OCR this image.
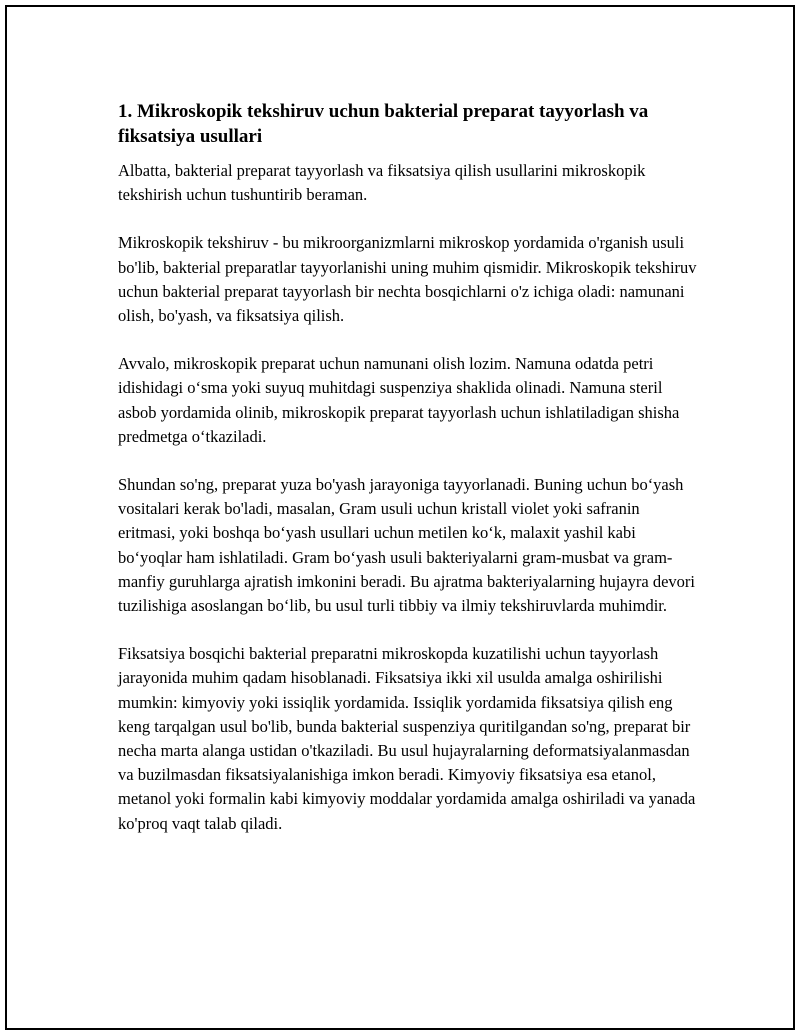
1. Mikroskopik tekshiruv uchun bakterial preparat tayyorlash va fiksatsiya usullari

Albatta, bakterial preparat tayyorlash va fiksatsiya qilish usullarini mikroskopik tekshirish uchun tushuntirib beraman.

Mikroskopik tekshiruv - bu mikroorganizmlarni mikroskop yordamida o'rganish usuli bo'lib, bakterial preparatlar tayyorlanishi uning muhim qismidir. Mikroskopik tekshiruv uchun bakterial preparat tayyorlash bir nechta bosqichlarni o'z ichiga oladi: namunani olish, bo'yash, va fiksatsiya qilish.

Avvalo, mikroskopik preparat uchun namunani olish lozim. Namuna odatda petri idishidagi o‘sma yoki suyuq muhitdagi suspenziya shaklida olinadi. Namuna steril asbob yordamida olinib, mikroskopik preparat tayyorlash uchun ishlatiladigan shisha predmetga o‘tkaziladi.

Shundan so'ng, preparat yuza bo'yash jarayoniga tayyorlanadi. Buning uchun bo‘yash vositalari kerak bo'ladi, masalan, Gram usuli uchun kristall violet yoki safranin eritmasi, yoki boshqa bo‘yash usullari uchun metilen ko‘k, malaxit yashil kabi bo‘yoqlar ham ishlatiladi. Gram bo‘yash usuli bakteriyalarni gram-musbat va gram-manfiy guruhlarga ajratish imkonini beradi. Bu ajratma bakteriyalarning hujayra devori tuzilishiga asoslangan bo‘lib, bu usul turli tibbiy va ilmiy tekshiruvlarda muhimdir.

Fiksatsiya bosqichi bakterial preparatni mikroskopda kuzatilishi uchun tayyorlash jarayonida muhim qadam hisoblanadi. Fiksatsiya ikki xil usulda amalga oshirilishi mumkin: kimyoviy yoki issiqlik yordamida. Issiqlik yordamida fiksatsiya qilish eng keng tarqalgan usul bo'lib, bunda bakterial suspenziya quritilgandan so'ng, preparat bir necha marta alanga ustidan o'tkaziladi. Bu usul hujayralarning deformatsiyalanmasdan va buzilmasdan fiksatsiyalanishiga imkon beradi. Kimyoviy fiksatsiya esa etanol, metanol yoki formalin kabi kimyoviy moddalar yordamida amalga oshiriladi va yanada ko'proq vaqt talab qiladi.
